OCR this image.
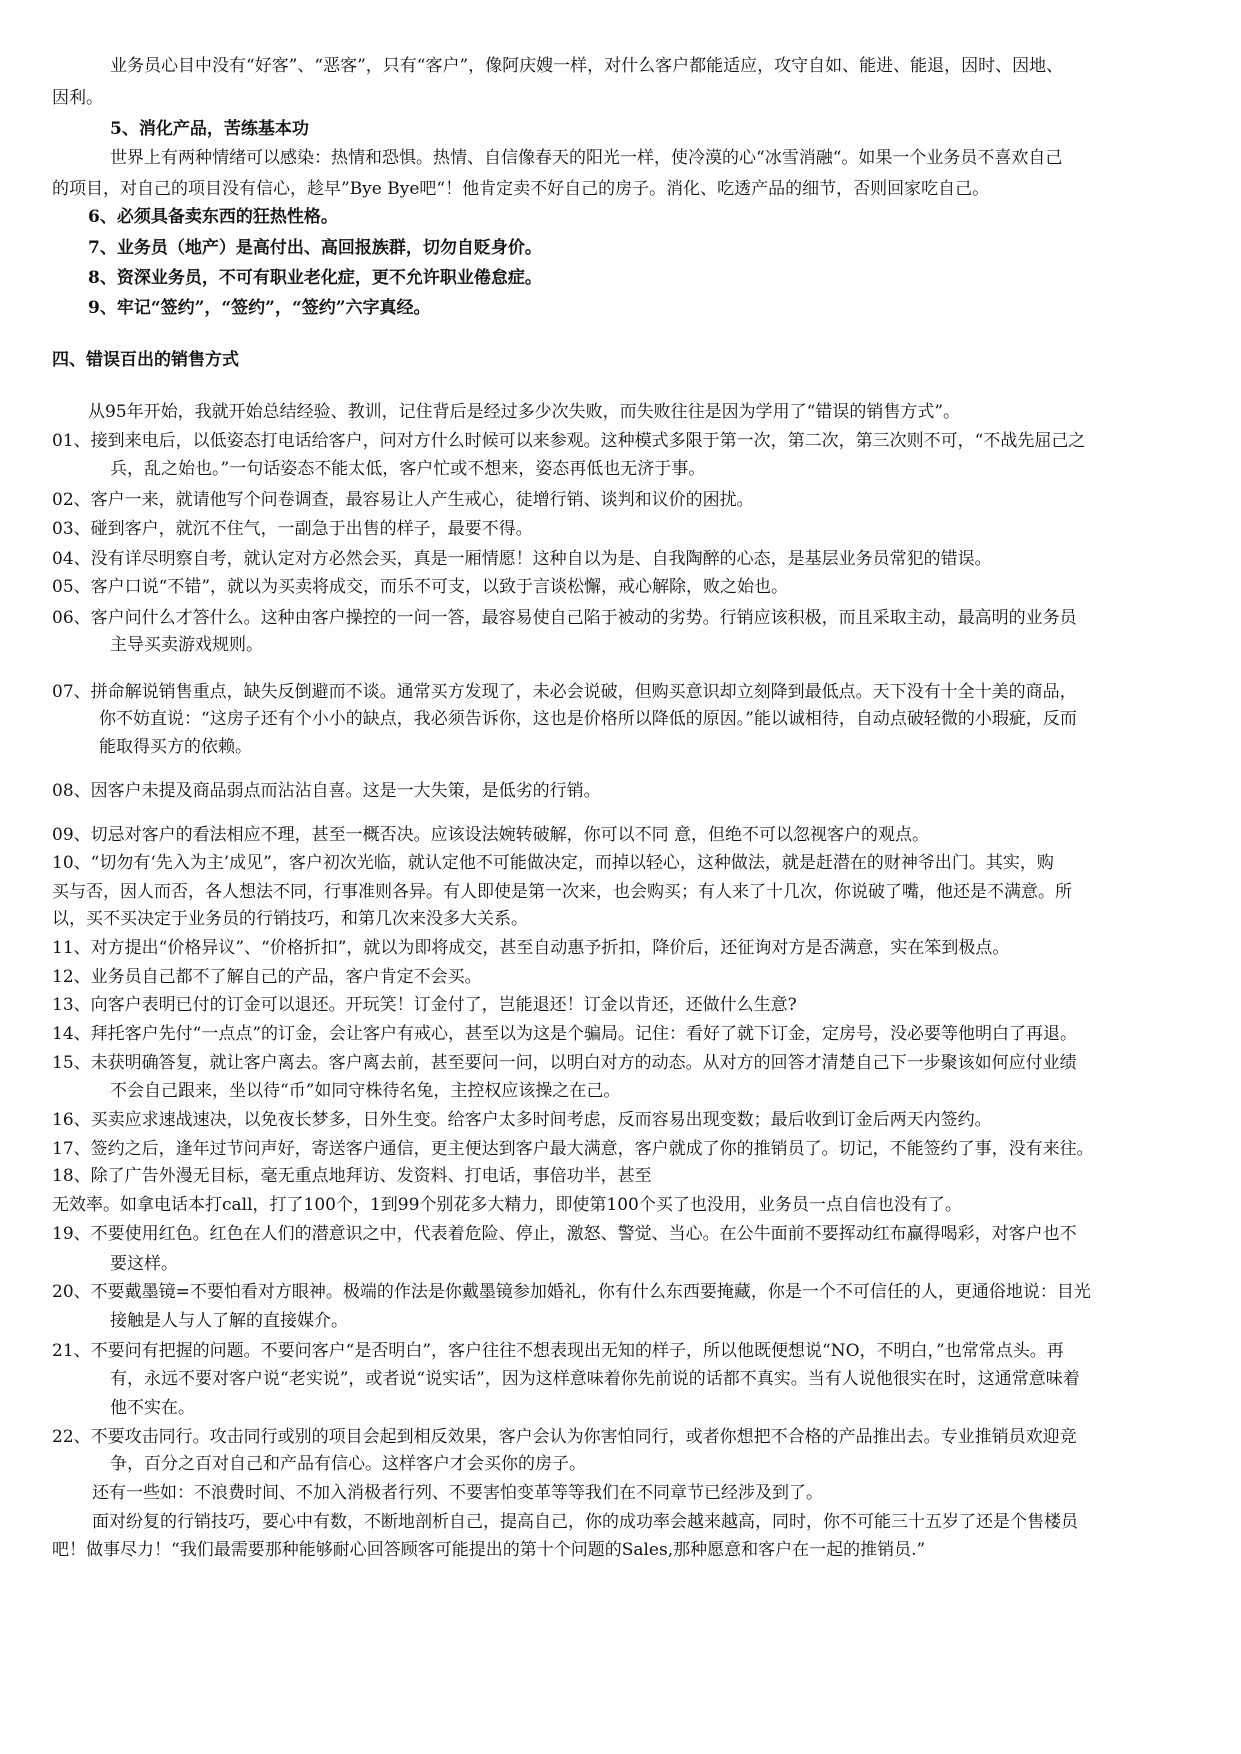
业务员心目中没有“好客”、“恶客”，只有“客户”，像阿庆嫂一样，对什么客户都能适应，攻守自如、能进、能退，因时、因地、
因利。
5、消化产品，苦练基本功
世界上有两种情绪可以感染：热情和恐惧。热情、自信像春天的阳光一样，使冷漠的心“冰雪消融“。如果一个业务员不喜欢自己
的项目，对自己的项目没有信心，趁早”Bye Bye吧“！他肯定卖不好自己的房子。消化、吃透产品的细节，否则回家吃自己。
6、必须具备卖东西的狂热性格。
7、业务员（地产）是高付出、高回报族群，切勿自贬身价。
8、资深业务员，不可有职业老化症，更不允许职业倦怠症。
9、牢记“签约”，“签约”，“签约”六字真经。
四、错误百出的销售方式
从95年开始，我就开始总结经验、教训，记住背后是经过多少次失败，而失败往往是因为学用了“错误的销售方式”。
01、接到来电后，以低姿态打电话给客户，问对方什么时候可以来参观。这种模式多限于第一次，第二次，第三次则不可，“不战先屈己之
兵，乱之始也。”一句话姿态不能太低，客户忙或不想来，姿态再低也无济于事。
02、客户一来，就请他写个问卷调查，最容易让人产生戒心，徒增行销、谈判和议价的困扰。
03、碰到客户，就沉不住气，一副急于出售的样子，最要不得。
04、没有详尽明察自考，就认定对方必然会买，真是一厢情愿！这种自以为是、自我陶醉的心态，是基层业务员常犯的错误。
05、客户口说“不错”，就以为买卖将成交，而乐不可支，以致于言谈松懈，戒心解除，败之始也。
06、客户问什么才答什么。这种由客户操控的一问一答，最容易使自己陷于被动的劣势。行销应该积极，而且采取主动，最高明的业务员
主导买卖游戏规则。
07、拼命解说销售重点，缺失反倒避而不谈。通常买方发现了，未必会说破，但购买意识却立刻降到最低点。天下没有十全十美的商品，
你不妨直说：“这房子还有个小小的缺点，我必须告诉你，这也是价格所以降低的原因。”能以诚相待，自动点破轻微的小瑕疵，反而
能取得买方的依赖。
08、因客户未提及商品弱点而沾沾自喜。这是一大失策，是低劣的行销。
09、切忌对客户的看法相应不理，甚至一概否决。应该设法婉转破解，你可以不同 意，但绝不可以忽视客户的观点。
10、“切勿有‘先入为主’成见”，客户初次光临，就认定他不可能做决定，而掉以轻心，这种做法，就是赶潜在的财神爷出门。其实，购
买与否，因人而否，各人想法不同，行事准则各异。有人即使是第一次来，也会购买；有人来了十几次，你说破了嘴，他还是不满意。所
以，买不买决定于业务员的行销技巧，和第几次来没多大关系。
11、对方提出“价格异议”、“价格折扣”，就以为即将成交，甚至自动惠予折扣，降价后，还征询对方是否满意，实在笨到极点。
12、业务员自己都不了解自己的产品，客户肯定不会买。
13、向客户表明已付的订金可以退还。开玩笑！订金付了，岂能退还！订金以肯还，还做什么生意?
14、拜托客户先付“一点点”的订金，会让客户有戒心，甚至以为这是个骗局。记住：看好了就下订金，定房号，没必要等他明白了再退。
15、未获明确答复，就让客户离去。客户离去前，甚至要问一问，以明白对方的动态。从对方的回答才清楚自己下一步聚该如何应付业绩
不会自己跟来，坐以待“币”如同守株待名兔，主控权应该操之在己。
16、买卖应求速战速决，以免夜长梦多，日外生变。给客户太多时间考虑，反而容易出现变数；最后收到订金后两天内签约。
17、签约之后，逢年过节问声好，寄送客户通信，更主便达到客户最大满意，客户就成了你的推销员了。切记，不能签约了事，没有来往。
18、除了广告外漫无目标，毫无重点地拜访、发资料、打电话，事倍功半，甚至
无效率。如拿电话本打call，打了100个，1到99个别花多大精力，即使第100个买了也没用，业务员一点自信也没有了。
19、不要使用红色。红色在人们的潜意识之中，代表着危险、停止，激怒、警觉、当心。在公牛面前不要挥动红布赢得喝彩，对客户也不
要这样。
20、不要戴墨镜=不要怕看对方眼神。极端的作法是你戴墨镜参加婚礼，你有什么东西要掩藏，你是一个不可信任的人，更通俗地说：目光
接触是人与人了解的直接媒介。
21、不要问有把握的问题。不要问客户“是否明白”，客户往往不想表现出无知的样子，所以他既便想说“NO，不明白，”也常常点头。再
有，永远不要对客户说“老实说”，或者说“说实话”，因为这样意味着你先前说的话都不真实。当有人说他很实在时，这通常意味着
他不实在。
22、不要攻击同行。攻击同行或别的项目会起到相反效果，客户会认为你害怕同行，或者你想把不合格的产品推出去。专业推销员欢迎竞
争，百分之百对自己和产品有信心。这样客户才会买你的房子。
还有一些如：不浪费时间、不加入消极者行列、不要害怕变革等等我们在不同章节已经涉及到了。
面对纷复的行销技巧，要心中有数，不断地剖析自己，提高自己，你的成功率会越来越高，同时，你不可能三十五岁了还是个售楼员
吧！做事尽力！“我们最需要那种能够耐心回答顾客可能提出的第十个问题的Sales,那种愿意和客户在一起的推销员.”
